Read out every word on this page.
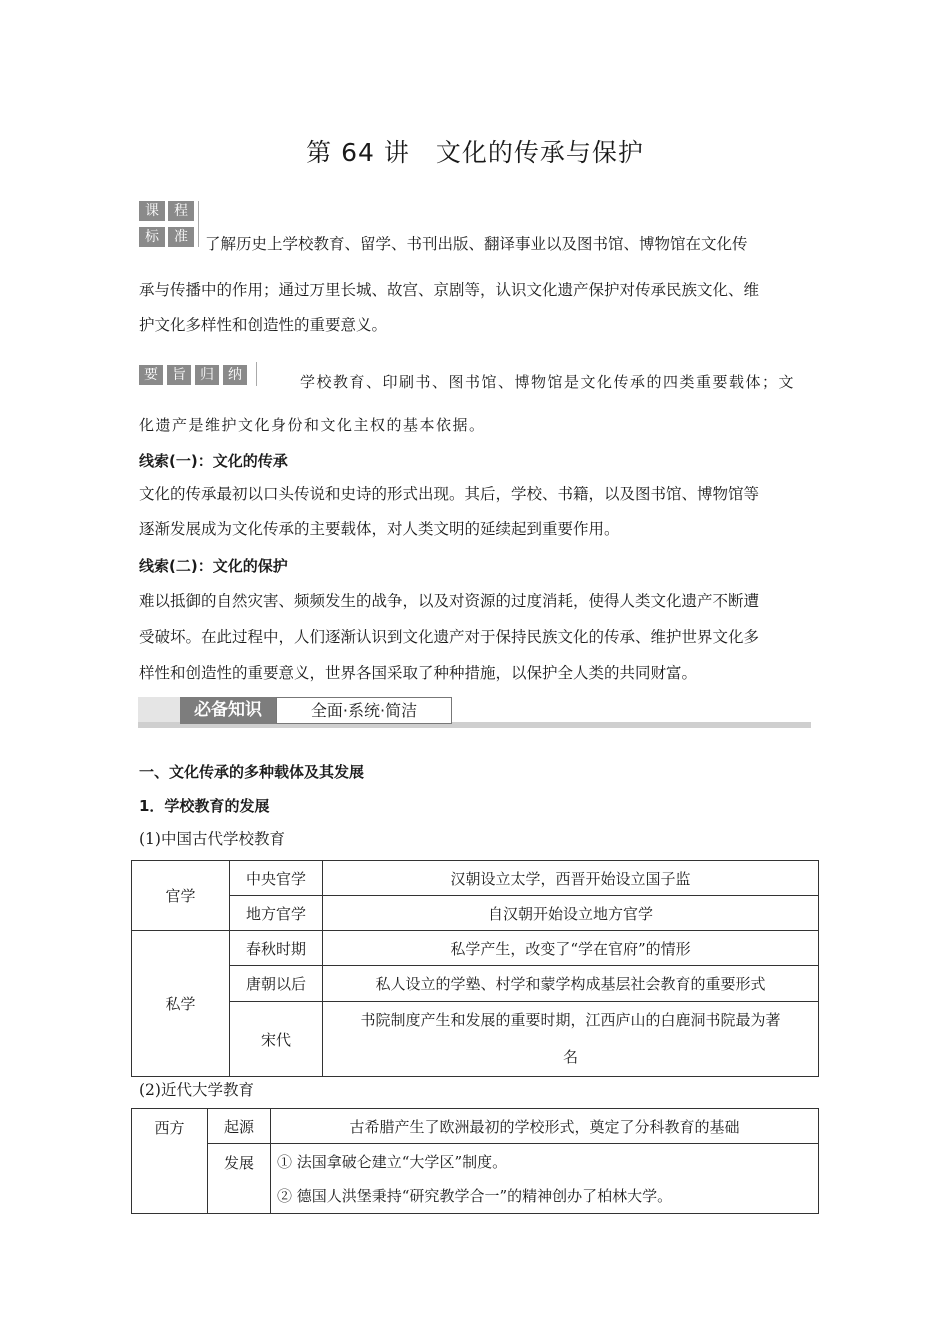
第 64 讲　文化的传承与保护
课	程
标	准	了解历史上学校教育、留学、书刊出版、翻译事业以及图书馆、博物馆在文化传
承与传播中的作用；通过万里长城、故宫、京剧等，认识文化遗产保护对传承民族文化、维
护文化多样性和创造性的重要意义。
要	旨	归	纳	学校教育、印刷书、图书馆、博物馆是文化传承的四类重要载体；文
化遗产是维护文化身份和文化主权的基本依据。
线索(一)：文化的传承
文化的传承最初以口头传说和史诗的形式出现。其后，学校、书籍，以及图书馆、博物馆等
逐渐发展成为文化传承的主要载体，对人类文明的延续起到重要作用。
线索(二)：文化的保护
难以抵御的自然灾害、频频发生的战争，以及对资源的过度消耗，使得人类文化遗产不断遭
受破坏。在此过程中，人们逐渐认识到文化遗产对于保持民族文化的传承、维护世界文化多
样性和创造性的重要意义，世界各国采取了种种措施，以保护全人类的共同财富。
必备知识	全面·系统·简洁
一、文化传承的多种载体及其发展
1．学校教育的发展
(1)中国古代学校教育
官学	中央官学	汉朝设立太学，西晋开始设立国子监
	地方官学	自汉朝开始设立地方官学
私学	春秋时期	私学产生，改变了“学在官府”的情形
	唐朝以后	私人设立的学塾、村学和蒙学构成基层社会教育的重要形式
	宋代	书院制度产生和发展的重要时期，江西庐山的白鹿洞书院最为著
名
(2)近代大学教育
西方	起源	古希腊产生了欧洲最初的学校形式，奠定了分科教育的基础
	发展	① 法国拿破仑建立“大学区”制度。
② 德国人洪堡秉持“研究教学合一”的精神创办了柏林大学。
